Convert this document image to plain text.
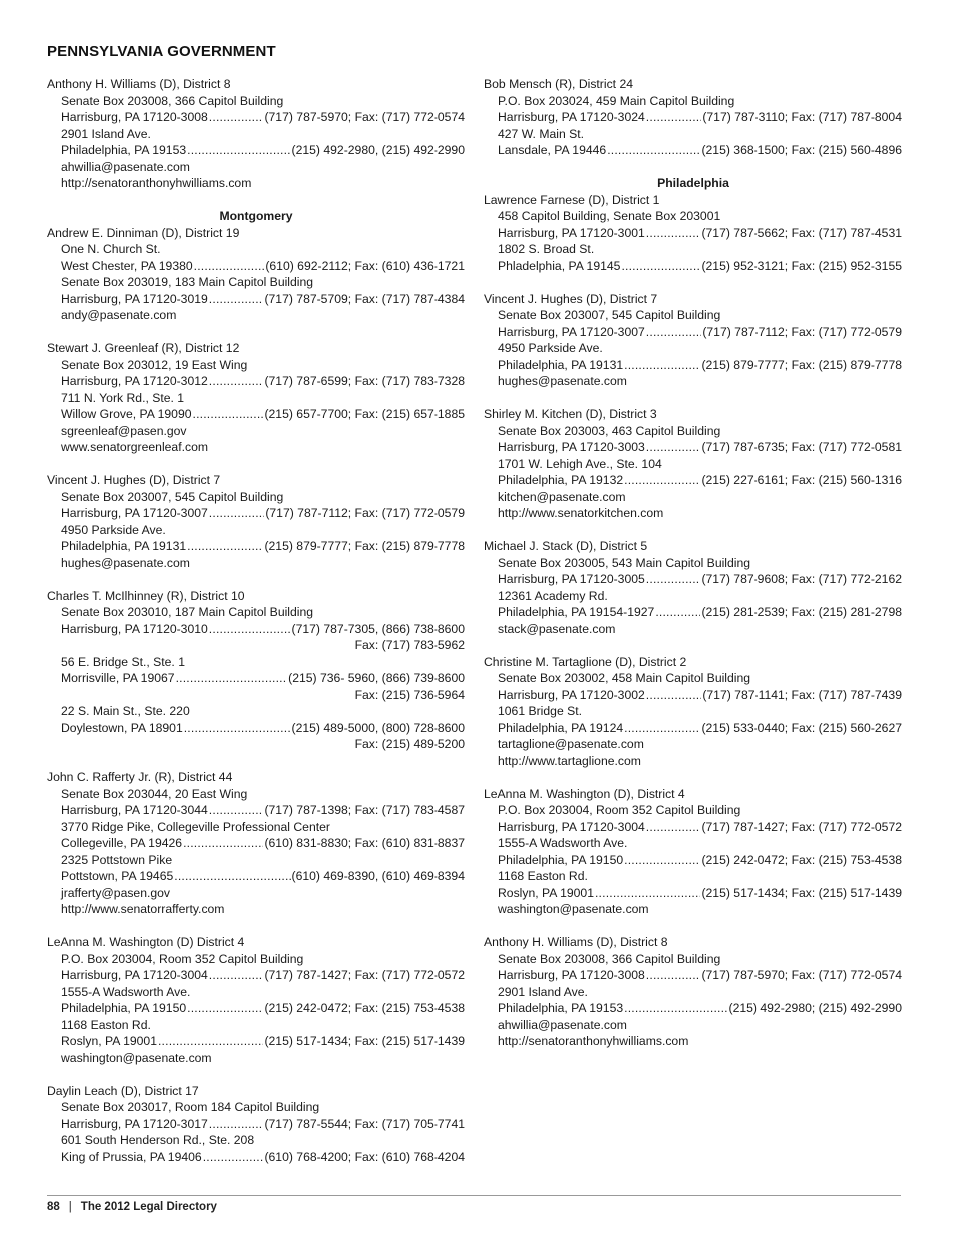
PENNSYLVANIA GOVERNMENT
Anthony H. Williams (D), District 8
Senate Box 203008, 366 Capitol Building
Harrisburg, PA 17120-3008 . . .	(717) 787-5970; Fax: (717) 772-0574
2901 Island Ave.
Philadelphia, PA 19153 . . .	(215) 492-2980, (215) 492-2990
ahwillia@pasenate.com
http://senatoranthonyhwilliams.com
Montgomery
Andrew E. Dinniman (D), District 19
One N. Church St.
West Chester, PA 19380 . . .	(610) 692-2112; Fax: (610) 436-1721
Senate Box 203019, 183 Main Capitol Building
Harrisburg, PA 17120-3019 . . .	(717) 787-5709; Fax: (717) 787-4384
andy@pasenate.com
Stewart J. Greenleaf (R), District 12
Senate Box 203012, 19 East Wing
Harrisburg, PA 17120-3012 . . .	(717) 787-6599; Fax: (717) 783-7328
711 N. York Rd., Ste. 1
Willow Grove, PA 19090 . . .	(215) 657-7700; Fax: (215) 657-1885
sgreenleaf@pasen.gov
www.senatorgreenleaf.com
Vincent J. Hughes (D), District 7
Senate Box 203007, 545 Capitol Building
Harrisburg, PA 17120-3007 . . .	(717) 787-7112; Fax: (717) 772-0579
4950 Parkside Ave.
Philadelphia, PA 19131 . . .	(215) 879-7777; Fax: (215) 879-7778
hughes@pasenate.com
Charles T. McIlhinney (R), District 10
Senate Box 203010, 187 Main Capitol Building
Harrisburg, PA 17120-3010 . . .	(717) 787-7305, (866) 738-8600
Fax: (717) 783-5962
56 E. Bridge St., Ste. 1
Morrisville, PA 19067 . . .	(215) 736- 5960, (866) 739-8600
Fax: (215) 736-5964
22 S. Main St., Ste. 220
Doylestown, PA 18901 . . .	(215) 489-5000, (800) 728-8600
Fax: (215) 489-5200
John C. Rafferty Jr. (R), District 44
Senate Box 203044, 20 East Wing
Harrisburg, PA 17120-3044 . . .	(717) 787-1398; Fax: (717) 783-4587
3770 Ridge Pike, Collegeville Professional Center
Collegeville, PA 19426 . . .	(610) 831-8830; Fax: (610) 831-8837
2325 Pottstown Pike
Pottstown, PA 19465 . . .	(610) 469-8390, (610) 469-8394
jrafferty@pasen.gov
http://www.senatorrafferty.com
LeAnna M. Washington (D) District 4
P.O. Box 203004, Room 352 Capitol Building
Harrisburg, PA 17120-3004 . . .	(717) 787-1427; Fax: (717) 772-0572
1555-A Wadsworth Ave.
Philadelphia, PA 19150 . . .	(215) 242-0472; Fax: (215) 753-4538
1168 Easton Rd.
Roslyn, PA 19001 . . .	(215) 517-1434; Fax: (215) 517-1439
washington@pasenate.com
Daylin Leach (D), District 17
Senate Box 203017, Room 184 Capitol Building
Harrisburg, PA 17120-3017 . . .	(717) 787-5544; Fax: (717) 705-7741
601 South Henderson Rd., Ste. 208
King of Prussia, PA 19406 . . .	(610) 768-4200; Fax: (610) 768-4204
Bob Mensch (R), District 24
P.O. Box 203024, 459 Main Capitol Building
Harrisburg, PA 17120-3024 . . .	(717) 787-3110; Fax: (717) 787-8004
427 W. Main St.
Lansdale, PA 19446 . . .	(215) 368-1500; Fax: (215) 560-4896
Philadelphia
Lawrence Farnese (D), District 1
458 Capitol Building, Senate Box 203001
Harrisburg, PA 17120-3001 . . .	(717) 787-5662; Fax: (717) 787-4531
1802 S. Broad St.
Phladelphia, PA 19145 . . .	(215) 952-3121; Fax: (215) 952-3155
Vincent J. Hughes (D), District 7
Senate Box 203007, 545 Capitol Building
Harrisburg, PA 17120-3007 . . .	(717) 787-7112; Fax: (717) 772-0579
4950 Parkside Ave.
Philadelphia, PA 19131 . . .	(215) 879-7777; Fax: (215) 879-7778
hughes@pasenate.com
Shirley M. Kitchen (D), District 3
Senate Box 203003, 463 Capitol Building
Harrisburg, PA 17120-3003 . . .	(717) 787-6735; Fax: (717) 772-0581
1701 W. Lehigh Ave., Ste. 104
Philadelphia, PA 19132 . . .	(215) 227-6161; Fax: (215) 560-1316
kitchen@pasenate.com
http://www.senatorkitchen.com
Michael J. Stack (D), District 5
Senate Box 203005, 543 Main Capitol Building
Harrisburg, PA 17120-3005 . . .	(717) 787-9608; Fax: (717) 772-2162
12361 Academy Rd.
Philadelphia, PA 19154-1927 . . .	(215) 281-2539; Fax: (215) 281-2798
stack@pasenate.com
Christine M. Tartaglione (D), District 2
Senate Box 203002, 458 Main Capitol Building
Harrisburg, PA 17120-3002 . . .	(717) 787-1141; Fax: (717) 787-7439
1061 Bridge St.
Philadelphia, PA 19124 . . .	(215) 533-0440; Fax: (215) 560-2627
tartaglione@pasenate.com
http://www.tartaglione.com
LeAnna M. Washington (D), District 4
P.O. Box 203004, Room 352 Capitol Building
Harrisburg, PA 17120-3004 . . .	(717) 787-1427; Fax: (717) 772-0572
1555-A Wadsworth Ave.
Philadelphia, PA 19150 . . .	(215) 242-0472; Fax: (215) 753-4538
1168 Easton Rd.
Roslyn, PA 19001 . . .	(215) 517-1434; Fax: (215) 517-1439
washington@pasenate.com
Anthony H. Williams (D), District 8
Senate Box 203008, 366 Capitol Building
Harrisburg, PA 17120-3008 . . .	(717) 787-5970; Fax: (717) 772-0574
2901 Island Ave.
Philadelphia, PA 19153 . . .	(215) 492-2980; (215) 492-2990
ahwillia@pasenate.com
http://senatoranthonyhwilliams.com
88 | The 2012 Legal Directory
